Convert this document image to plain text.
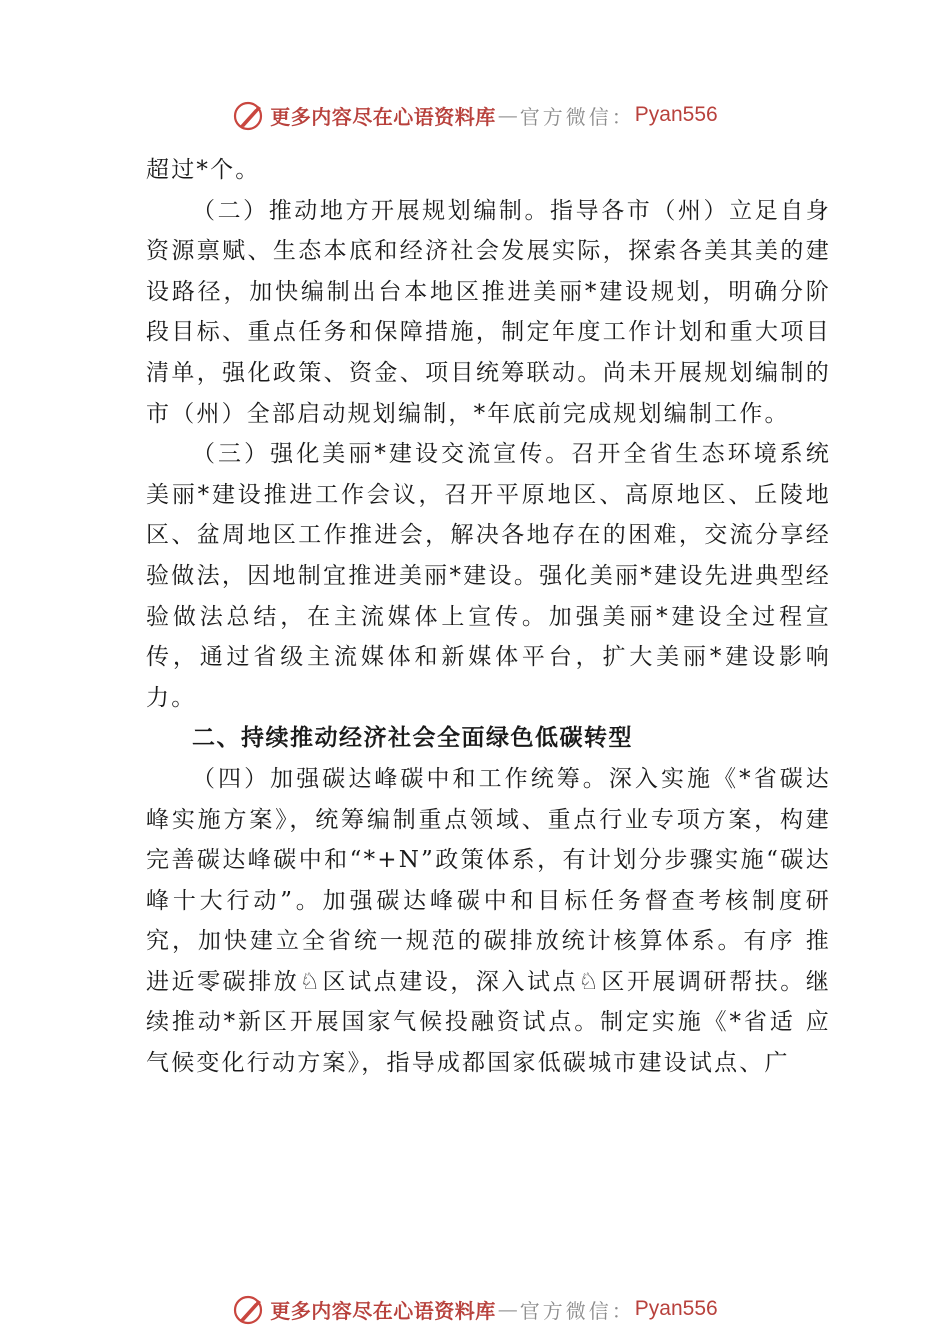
更多内容尽在心语资料库 — 官方微信： Pyan556

超过*个。

（二）推动地方开展规划编制。指导各市（州）立足自身资源禀赋、生态本底和经济社会发展实际，探索各美其美的建设路径，加快编制出台本地区推进美丽*建设规划，明确分阶段目标、重点任务和保障措施，制定年度工作计划和重大项目清单，强化政策、资金、项目统筹联动。尚未开展规划编制的市（州）全部启动规划编制，*年底前完成规划编制工作。

（三）强化美丽*建设交流宣传。召开全省生态环境系统美丽*建设推进工作会议，召开平原地区、高原地区、丘陵地区、盆周地区工作推进会，解决各地存在的困难，交流分享经验做法，因地制宜推进美丽*建设。强化美丽*建设先进典型经验做法总结，在主流媒体上宣传。加强美丽*建设全过程宣传，通过省级主流媒体和新媒体平台，扩大美丽*建设影响力。

二、持续推动经济社会全面绿色低碳转型

（四）加强碳达峰碳中和工作统筹。深入实施《*省碳达峰实施方案》，统筹编制重点领域、重点行业专项方案，构建 完善碳达峰碳中和“*+N”政策体系，有计划分步骤实施“碳达峰十大行动”。加强碳达峰碳中和目标任务督查考核制度研究，加快建立全省统一规范的碳排放统计核算体系。有序 推进近零碳排放♘区试点建设，深入试点♘区开展调研帮扶。继续推动*新区开展国家气候投融资试点。制定实施《*省适 应气候变化行动方案》，指导成都国家低碳城市建设试点、广

更多内容尽在心语资料库 — 官方微信： Pyan556
